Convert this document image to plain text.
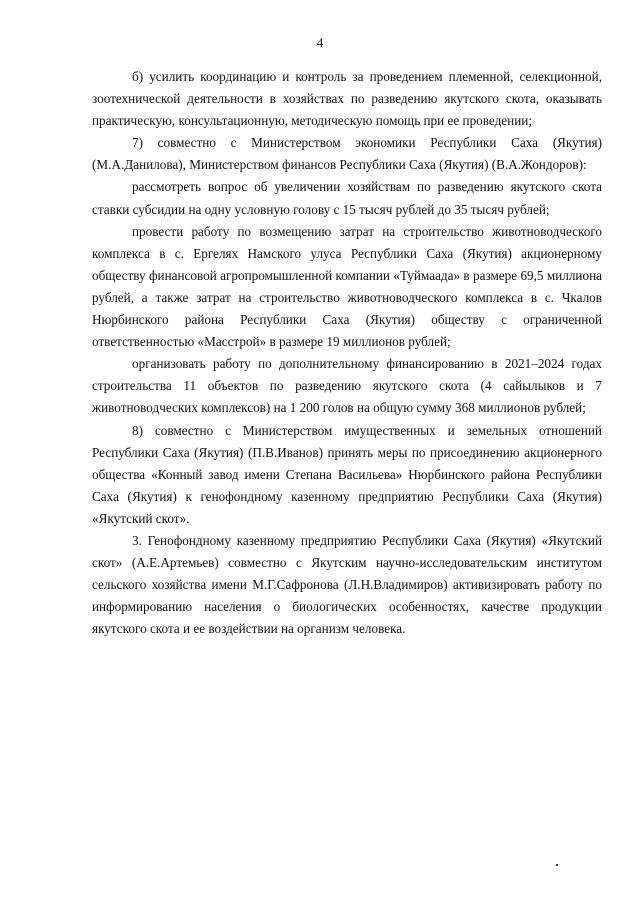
4

б) усилить координацию и контроль за проведением племенной, селекционной, зоотехнической деятельности в хозяйствах по разведению якутского скота, оказывать практическую, консультационную, методическую помощь при ее проведении;

7) совместно с Министерством экономики Республики Саха (Якутия) (М.А.Данилова), Министерством финансов Республики Саха (Якутия) (В.А.Жондоров):

рассмотреть вопрос об увеличении хозяйствам по разведению якутского скота ставки субсидии на одну условную голову с 15 тысяч рублей до 35 тысяч рублей;

провести работу по возмещению затрат на строительство животноводческого комплекса в с. Ергелях Намского улуса Республики Саха (Якутия) акционерному обществу финансовой агропромышленной компании «Туймаада» в размере 69,5 миллиона рублей, а также затрат на строительство животноводческого комплекса в с. Чкалов Нюрбинского района Республики Саха (Якутия) обществу с ограниченной ответственностью «Масстрой» в размере 19 миллионов рублей;

организовать работу по дополнительному финансированию в 2021–2024 годах строительства 11 объектов по разведению якутского скота (4 сайылыков и 7 животноводческих комплексов) на 1 200 голов на общую сумму 368 миллионов рублей;

8) совместно с Министерством имущественных и земельных отношений Республики Саха (Якутия) (П.В.Иванов) принять меры по присоединению акционерного общества «Конный завод имени Степана Васильева» Нюрбинского района Республики Саха (Якутия) к генофондному казенному предприятию Республики Саха (Якутия) «Якутский скот».

3. Генофондному казенному предприятию Республики Саха (Якутия) «Якутский скот» (А.Е.Артемьев) совместно с Якутским научно-исследовательским институтом сельского хозяйства имени М.Г.Сафронова (Л.Н.Владимиров) активизировать работу по информированию населения о биологических особенностях, качестве продукции якутского скота и ее воздействии на организм человека.
